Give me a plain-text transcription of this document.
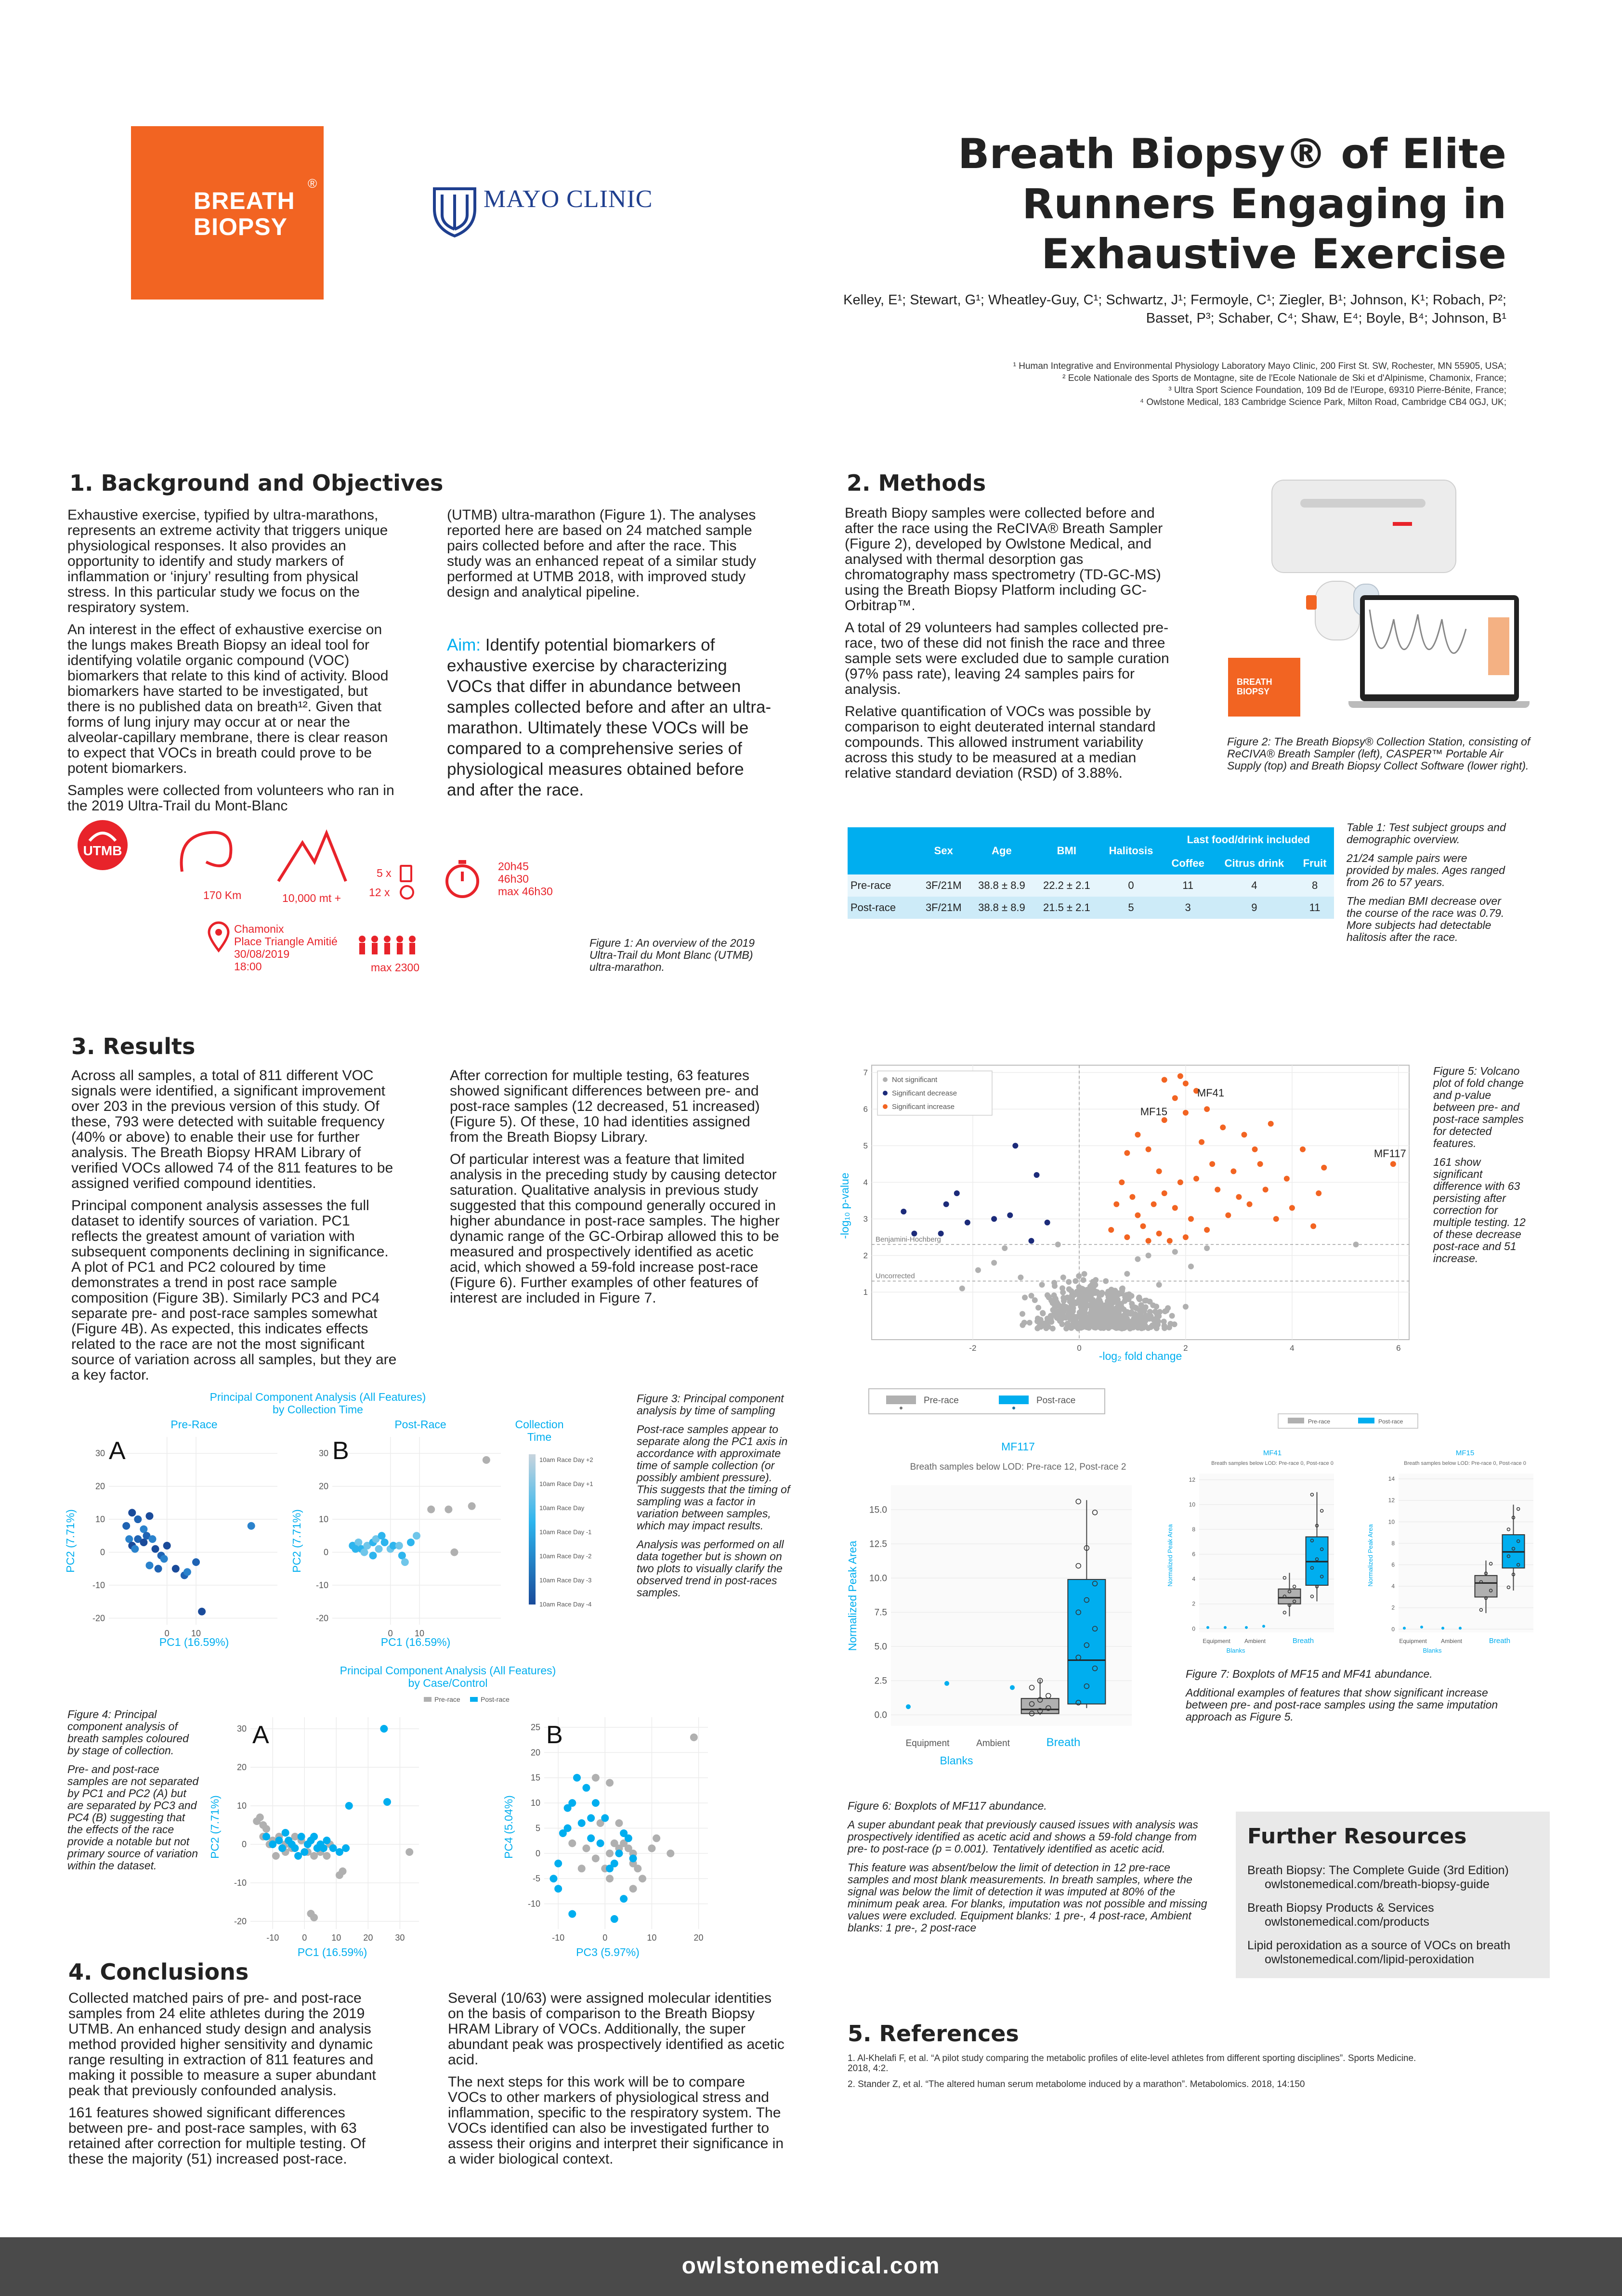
BREATH
BIOPSY
®
MAYO CLINIC
Breath Biopsy® of Elite
Runners Engaging in
Exhaustive Exercise
Kelley, E¹; Stewart, G¹; Wheatley-Guy, C¹; Schwartz, J¹; Fermoyle, C¹; Ziegler, B¹; Johnson, K¹; Robach, P²;
Basset, P³; Schaber, C⁴; Shaw, E⁴; Boyle, B⁴; Johnson, B¹
¹ Human Integrative and Environmental Physiology Laboratory Mayo Clinic, 200 First St. SW, Rochester, MN 55905, USA;
² Ecole Nationale des Sports de Montagne, site de l'Ecole Nationale de Ski et d'Alpinisme, Chamonix, France;
³ Ultra Sport Science Foundation, 109 Bd de l'Europe, 69310 Pierre-Bénite, France;
⁴ Owlstone Medical, 183 Cambridge Science Park, Milton Road, Cambridge CB4 0GJ, UK;
1. Background and Objectives

Exhaustive exercise, typified by ultra-marathons, represents an extreme activity that triggers unique physiological responses. It also provides an opportunity to identify and study markers of inflammation or ‘injury’ resulting from physical stress. In this particular study we focus on the respiratory system.

An interest in the effect of exhaustive exercise on the lungs makes Breath Biopsy an ideal tool for identifying volatile organic compound (VOC) biomarkers that relate to this kind of activity. Blood biomarkers have started to be investigated, but there is no published data on breath¹². Given that forms of lung injury may occur at or near the alveolar-capillary membrane, there is clear reason to expect that VOCs in breath could prove to be potent biomarkers.

Samples were collected from volunteers who ran in the 2019 Ultra-Trail du Mont-Blanc

(UTMB) ultra-marathon (Figure 1). The analyses reported here are based on 24 matched sample pairs collected before and after the race. This study was an enhanced repeat of a similar study performed at UTMB 2018, with improved study design and analytical pipeline.

Aim: Identify potential biomarkers of exhaustive exercise by characterizing VOCs that differ in abundance between samples collected before and after an ultra-marathon. Ultimately these VOCs will be compared to a comprehensive series of physiological measures obtained before and after the race.
UTMB
170 Km	10,000 mt +
5 x
12 x
20h45
46h30
max 46h30
Chamonix
Place Triangle Amitié
30/08/2019
18:00	max 2300
Figure 1: An overview of the 2019 Ultra-Trail du Mont Blanc (UTMB) ultra-marathon.
2. Methods

Breath Biopy samples were collected before and after the race using the ReCIVA® Breath Sampler (Figure 2), developed by Owlstone Medical, and analysed with thermal desorption gas chromatography mass spectrometry (TD-GC-MS) using the Breath Biopsy Platform including GC-Orbitrap™.

A total of 29 volunteers had samples collected pre-race, two of these did not finish the race and three sample sets were excluded due to sample curation (97% pass rate), leaving 24 samples pairs for analysis.

Relative quantification of VOCs was possible by comparison to eight deuterated internal standard compounds. This allowed instrument variability across this study to be measured at a median relative standard deviation (RSD) of 3.88%.

BREATH BIOPSY
Figure 2: The Breath Biopsy® Collection Station, consisting of ReCIVA® Breath Sampler (left), CASPER™ Portable Air Supply (top) and Breath Biopsy Collect Software (lower right).
	Sex	Age	BMI	Halitosis	Last food/drink included		
					Coffee	Citrus drink	Fruit
Pre-race	3F/21M	38.8 ± 8.9	22.2 ± 2.1	0	11	4	8
Post-race	3F/21M	38.8 ± 8.9	21.5 ± 2.1	5	3	9	11

Table 1: Test subject groups and demographic overview.

21/24 sample pairs were provided by males. Ages ranged from 26 to 57 years.

The median BMI decrease over the course of the race was 0.79. More subjects had detectable halitosis after the race.

3. Results

Across all samples, a total of 811 different VOC signals were identified, a significant improvement over 203 in the previous version of this study. Of these, 793 were detected with suitable frequency (40% or above) to enable their use for further analysis. The Breath Biopsy HRAM Library of verified VOCs allowed 74 of the 811 features to be assigned verified compound identities.

Principal component analysis assesses the full dataset to identify sources of variation. PC1 reflects the greatest amount of variation with subsequent components declining in significance. A plot of PC1 and PC2 coloured by time demonstrates a trend in post race sample composition (Figure 3B). Similarly PC3 and PC4 separate pre- and post-race samples somewhat (Figure 4B). As expected, this indicates effects related to the race are not the most significant source of variation across all samples, but they are a key factor.

After correction for multiple testing, 63 features showed significant differences between pre- and post-race samples (12 decreased, 51 increased) (Figure 5). Of these, 10 had identities assigned from the Breath Biopsy Library.

Of particular interest was a feature that limited analysis in the preceding study by causing detector saturation. Qualitative analysis in previous study suggested that this compound generally occured in higher abundance in post-race samples. The higher dynamic range of the GC-Orbirap allowed this to be measured and prospectively identified as acetic acid, which showed a 59-fold increase post-race (Figure 6). Further examples of other features of interest are included in Figure 7.

Principal Component Analysis (All Features)
by Collection Time
-20
-10
0
10
20
30
0	10
-20
-10
0
10
20
30
0	10
Pre-Race	Post-Race
A	B
PC1 (16.59%)	PC1 (16.59%)
PC2 (7.71%)	PC2 (7.71%)
Collection
Time
10am Race Day +2
10am Race Day +1
10am Race Day
10am Race Day -1
10am Race Day -2
10am Race Day -3
10am Race Day -4

Figure 3: Principal component analysis by time of sampling

Post-race samples appear to separate along the PC1 axis in accordance with approximate time of sample collection (or possibly ambient pressure). This suggests that the timing of sampling was a factor in variation between samples, which may impact results.

Analysis was performed on all data together but is shown on two plots to visually clarify the observed trend in post-races samples.

Principal Component Analysis (All Features)
by Case/Control
Pre-race	Post-race
-20
-10
0
10
20
30
-10	0	10	20	30
-10
-5
0
5
10
15
20
25
-10	0	10	20
A	B
PC1 (16.59%)	PC3 (5.97%)
PC2 (7.71%)	PC4 (5.04%)

Figure 4: Principal component analysis of breath samples coloured by stage of collection.

Pre- and post-race samples are not separated by PC1 and PC2 (A) but are separated by PC3 and PC4 (B) suggesting that the effects of the race provide a notable but not primary source of variation within the dataset.

1
2
3
4
5
6
7
-2	0	2	4	6
Not significant
Significant decrease
Significant increase
Benjamini-Hochberg
Uncorrected
-log₂ fold change
-log₁₀ p-value
MF15
MF41
MF117

Figure 5: Volcano plot of fold change and p-value between pre- and post-race samples for detected features.

161 show significant difference with 63 persisting after correction for multiple testing. 12 of these decrease post-race and 51 increase.

Pre-race	Post-race
MF117
Breath samples below LOD: Pre-race 12, Post-race 2
0.0
2.5
5.0
7.5
10.0
12.5
15.0
Normalized Peak Area
Equipment	Ambient	Breath
Blanks

Figure 6: Boxplots of MF117 abundance.

A super abundant peak that previously caused issues with analysis was prospectively identified as acetic acid and shows a 59-fold change from pre- to post-race (p = 0.001). Tentatively identified as acetic acid.

This feature was absent/below the limit of detection in 12 pre-race samples and most blank measurements. In breath samples, where the signal was below the limit of detection it was imputed at 80% of the minimum peak area. For blanks, imputation was not possible and missing values were excluded. Equipment blanks: 1 pre-, 4 post-race, Ambient blanks: 1 pre-, 2 post-race

Pre-race	Post-race
MF41
Breath samples below LOD: Pre-race 0, Post-race 0
MF15
Breath samples below LOD: Pre-race 0, Post-race 0
0
2
4
6
8
10
12
0
2
4
6
8
10
12
14
Normalized Peak Area	Normalized Peak Area
Equipment Ambient	Breath
Blanks
Equipment Ambient	Breath
Blanks

Figure 7: Boxplots of MF15 and MF41 abundance.

Additional examples of features that show significant increase between pre- and post-race samples using the same imputation approach as Figure 5.

4. Conclusions

Collected matched pairs of pre- and post-race samples from 24 elite athletes during the 2019 UTMB. An enhanced study design and analysis method provided higher sensitivity and dynamic range resulting in extraction of 811 features and making it possible to measure a super abundant peak that previously confounded analysis.

161 features showed significant differences between pre- and post-race samples, with 63 retained after correction for multiple testing. Of these the majority (51) increased post-race.

Several (10/63) were assigned molecular identities on the basis of comparison to the Breath Biopsy HRAM Library of VOCs. Additionally, the super abundant peak was prospectively identified as acetic acid.

The next steps for this work will be to compare VOCs to other markers of physiological stress and inflammation, specific to the respiratory system. The VOCs identified can also be investigated further to assess their origins and interpret their significance in a wider biological context.

Further Resources
Breath Biopsy: The Complete Guide (3rd Edition)
owlstonemedical.com/breath-biopsy-guide
Breath Biopsy Products & Services
owlstonemedical.com/products
Lipid peroxidation as a source of VOCs on breath
owlstonemedical.com/lipid-peroxidation
5. References

1. Al-Khelafi F, et al. “A pilot study comparing the metabolic profiles of elite-level athletes from different sporting disciplines”. Sports Medicine. 2018, 4:2.

2. Stander Z, et al. “The altered human serum metabolome induced by a marathon”. Metabolomics. 2018, 14:150

owlstonemedical.com
